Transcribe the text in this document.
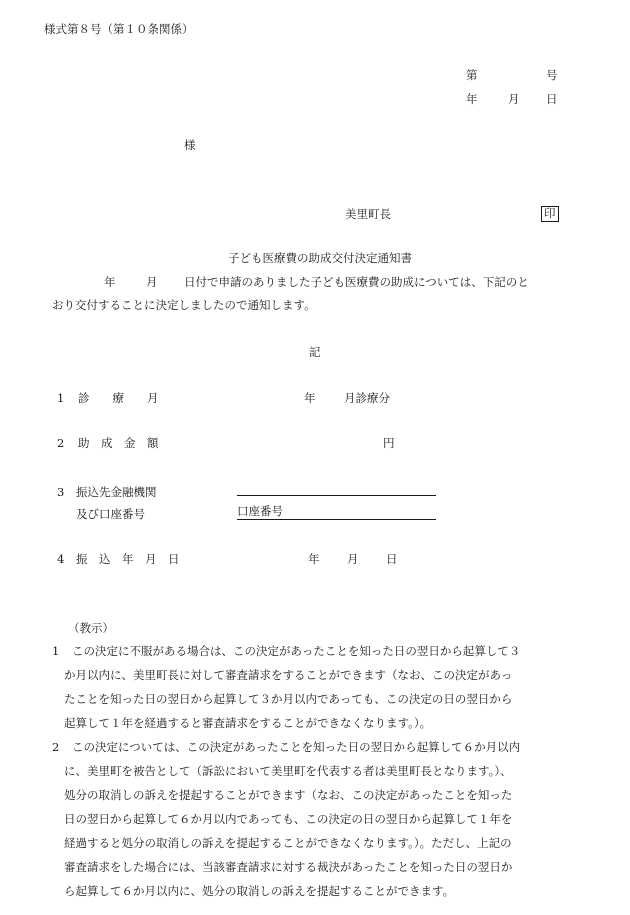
様式第８号（第１０条関係）
第	号
年	月 日
様
美里町長	印
子ども医療費の助成交付決定通知書
年	月 日付で申請のありました子ども医療費の助成については、下記のと
おり交付することに決定しましたので通知します。
記
1 診　　療　　月	年 月診療分
2 助　成　金　額	円
3 振込先金融機関
及び口座番号	口座番号
4 振　込　年　月　日	年 月 日
（教示）
1 この決定に不服がある場合は、この決定があったことを知った日の翌日から起算して３
か月以内に、美里町長に対して審査請求をすることができます（なお、この決定があっ
たことを知った日の翌日から起算して３か月以内であっても、この決定の日の翌日から
起算して１年を経過すると審査請求をすることができなくなります。）。
2 この決定については、この決定があったことを知った日の翌日から起算して６か月以内
に、美里町を被告として（訴訟において美里町を代表する者は美里町長となります。）、
処分の取消しの訴えを提起することができます（なお、この決定があったことを知った
日の翌日から起算して６か月以内であっても、この決定の日の翌日から起算して１年を
経過すると処分の取消しの訴えを提起することができなくなります。）。ただし、上記の
審査請求をした場合には、当該審査請求に対する裁決があったことを知った日の翌日か
ら起算して６か月以内に、処分の取消しの訴えを提起することができます。
